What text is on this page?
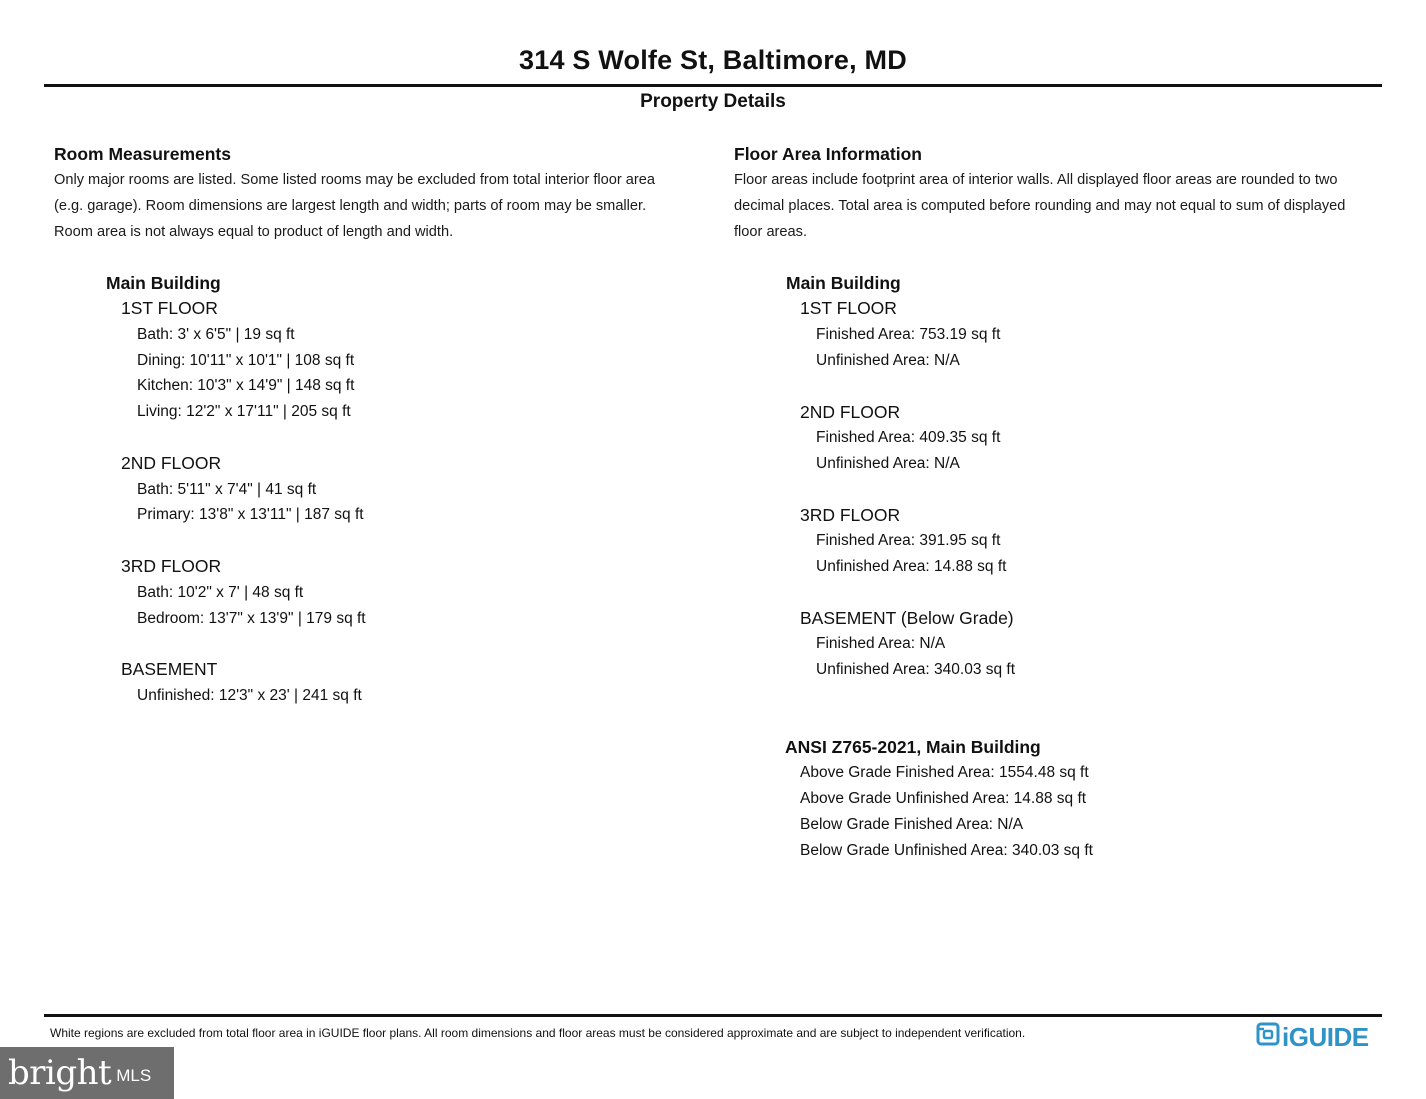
314 S Wolfe St, Baltimore, MD
Property Details
Room Measurements
Only major rooms are listed. Some listed rooms may be excluded from total interior floor area
(e.g. garage). Room dimensions are largest length and width; parts of room may be smaller.
Room area is not always equal to product of length and width.
Main Building
1ST FLOOR
Bath: 3' x 6'5" | 19 sq ft
Dining: 10'11" x 10'1" | 108 sq ft
Kitchen: 10'3" x 14'9" | 148 sq ft
Living: 12'2" x 17'11" | 205 sq ft
2ND FLOOR
Bath: 5'11" x 7'4" | 41 sq ft
Primary: 13'8" x 13'11" | 187 sq ft
3RD FLOOR
Bath: 10'2" x 7' | 48 sq ft
Bedroom: 13'7" x 13'9" | 179 sq ft
BASEMENT
Unfinished: 12'3" x 23' | 241 sq ft
Floor Area Information
Floor areas include footprint area of interior walls. All displayed floor areas are rounded to two
decimal places. Total area is computed before rounding and may not equal to sum of displayed
floor areas.
Main Building
1ST FLOOR
Finished Area: 753.19 sq ft
Unfinished Area: N/A
2ND FLOOR
Finished Area: 409.35 sq ft
Unfinished Area: N/A
3RD FLOOR
Finished Area: 391.95 sq ft
Unfinished Area: 14.88 sq ft
BASEMENT (Below Grade)
Finished Area: N/A
Unfinished Area: 340.03 sq ft
ANSI Z765-2021, Main Building
Above Grade Finished Area: 1554.48 sq ft
Above Grade Unfinished Area: 14.88 sq ft
Below Grade Finished Area: N/A
Below Grade Unfinished Area: 340.03 sq ft
White regions are excluded from total floor area in iGUIDE floor plans. All room dimensions and floor areas must be considered approximate and are subject to independent verification.	iGUIDE
bright MLS
